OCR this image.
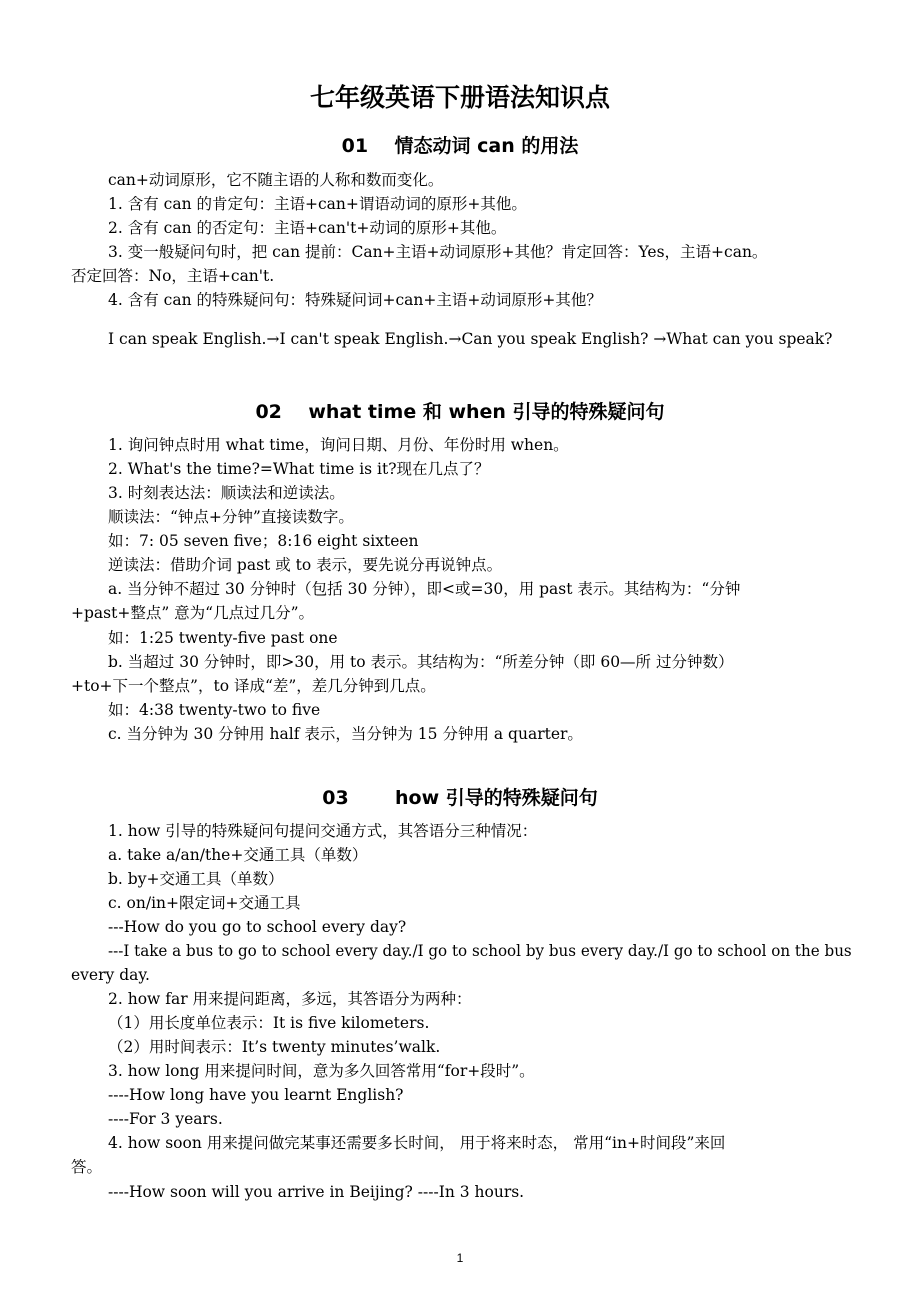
七年级英语下册语法知识点
01    情态动词 can 的用法
can+动词原形，它不随主语的人称和数而变化。
1. 含有 can 的肯定句：主语+can+谓语动词的原形+其他。
2. 含有 can 的否定句：主语+can't+动词的原形+其他。
3. 变一般疑问句时，把 can 提前：Can+主语+动词原形+其他？肯定回答：Yes，主语+can。
否定回答：No，主语+can't.
4. 含有 can 的特殊疑问句：特殊疑问词+can+主语+动词原形+其他？
I can speak English.→I can't speak English.→Can you speak English? →What can you speak?
02    what time 和 when 引导的特殊疑问句
1. 询问钟点时用 what time，询问日期、月份、年份时用 when。
2. What's the time?=What time is it?现在几点了？
3. 时刻表达法：顺读法和逆读法。
顺读法：“钟点+分钟”直接读数字。
如：7: 05 seven five；8:16 eight sixteen
逆读法：借助介词 past 或 to 表示，要先说分再说钟点。
a. 当分钟不超过 30 分钟时（包括 30 分钟），即<或=30，用 past 表示。其结构为：“分钟
+past+整点” 意为“几点过几分”。
如：1:25 twenty-five past one
b. 当超过 30 分钟时，即>30，用 to 表示。其结构为：“所差分钟（即 60—所 过分钟数）
+to+下一个整点”，to 译成“差”，差几分钟到几点。
如：4:38 twenty-two to five
c. 当分钟为 30 分钟用 half 表示，当分钟为 15 分钟用 a quarter。
03       how 引导的特殊疑问句
1. how 引导的特殊疑问句提问交通方式，其答语分三种情况：
a. take a/an/the+交通工具（单数）
b. by+交通工具（单数）
c. on/in+限定词+交通工具
---How do you go to school every day?
---I take a bus to go to school every day./I go to school by bus every day./I go to school on the bus
every day.
2. how far 用来提问距离，多远，其答语分为两种：
（1）用长度单位表示：It is five kilometers.
（2）用时间表示：It’s twenty minutes’walk.
3. how long 用来提问时间，意为多久回答常用“for+段时”。
----How long have you learnt English?
----For 3 years.
4. how soon 用来提问做完某事还需要多长时间， 用于将来时态， 常用“in+时间段”来回
答。
----How soon will you arrive in Beijing? ----In 3 hours.
1
